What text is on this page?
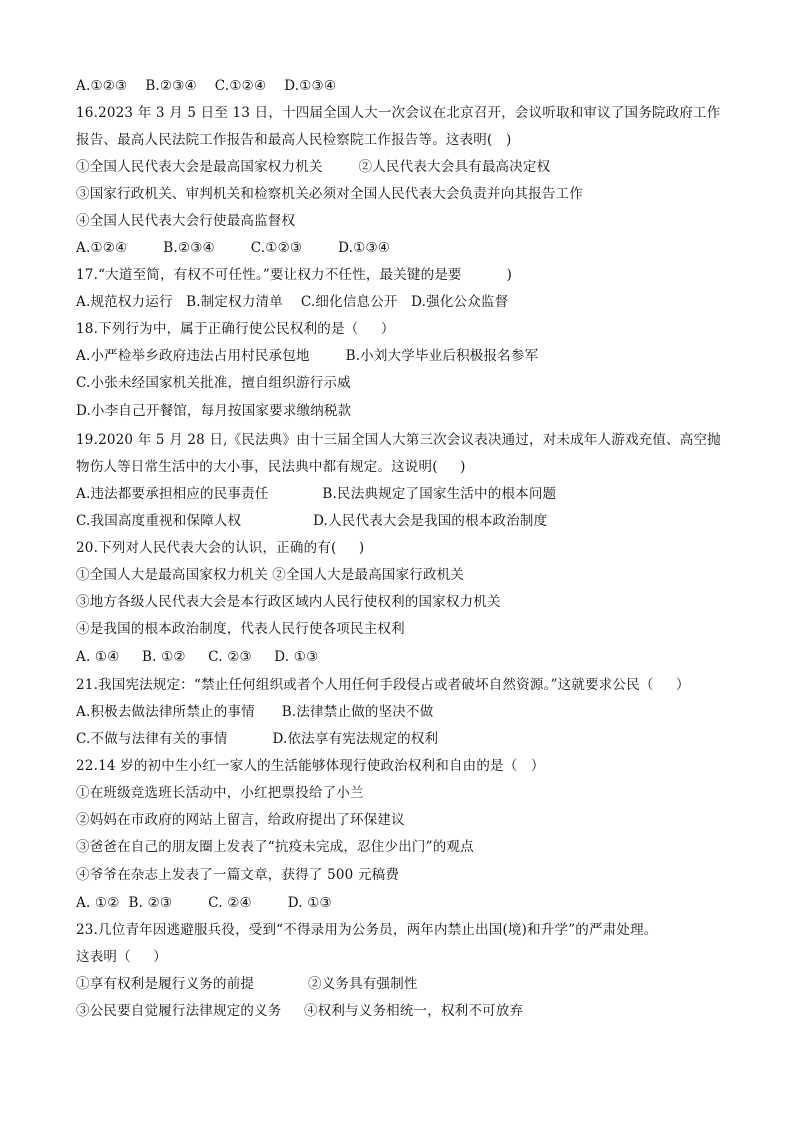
A.①②③    B.②③④    C.①②④    D.①③④
16.2023 年 3 月 5 日至 13 日，十四届全国人大一次会议在北京召开，会议听取和审议了国务院政府工作
报告、最高人民法院工作报告和最高人民检察院工作报告等。这表明(   )
①全国人民代表大会是最高国家权力机关        ②人民代表大会具有最高决定权
③国家行政机关、审判机关和检察机关必须对全国人民代表大会负责并向其报告工作
④全国人民代表大会行使最高监督权
A.①②④        B.②③④        C.①②③        D.①③④
17.“大道至简，有权不可任性。”要让权力不任性，最关键的是要          )
A.规范权力运行   B.制定权力清单    C.细化信息公开   D.强化公众监督
18.下列行为中，属于正确行使公民权利的是（     ）
A.小严检举乡政府违法占用村民承包地        B.小刘大学毕业后积极报名参军
C.小张未经国家机关批准，擅自组织游行示威
D.小李自己开餐馆，每月按国家要求缴纳税款
19.2020 年 5 月 28 日,《民法典》由十三届全国人大第三次会议表决通过，对未成年人游戏充值、高空抛
物伤人等日常生活中的大小事，民法典中都有规定。这说明(     )
A.违法都要承担相应的民事责任            B.民法典规定了国家生活中的根本问题
C.我国高度重视和保障人权                D.人民代表大会是我国的根本政治制度
20.下列对人民代表大会的认识，正确的有(     )
①全国人大是最高国家权力机关 ②全国人大是最高国家行政机关
③地方各级人民代表大会是本行政区域内人民行使权利的国家权力机关
④是我国的根本政治制度，代表人民行使各项民主权利
A. ①④     B. ①②     C. ②③     D. ①③
21.我国宪法规定：“禁止任何组织或者个人用任何手段侵占或者破坏自然资源。”这就要求公民（     ）
A.积极去做法律所禁止的事情      B.法律禁止做的坚决不做
C.不做与法律有关的事情          D.依法享有宪法规定的权利
22.14 岁的初中生小红一家人的生活能够体现行使政治权利和自由的是（   ）
①在班级竞选班长活动中，小红把票投给了小兰
②妈妈在市政府的网站上留言，给政府提出了环保建议
③爸爸在自己的朋友圈上发表了“抗疫未完成，忍住少出门”的观点
④爷爷在杂志上发表了一篇文章，获得了 500 元稿费
A. ①②  B. ②③        C. ②④        D. ①③
23.几位青年因逃避服兵役，受到“不得录用为公务员，两年内禁止出国(境)和升学”的严肃处理。
这表明（     ）
①享有权利是履行义务的前提            ②义务具有强制性
③公民要自觉履行法律规定的义务     ④权利与义务相统一，权利不可放弃
